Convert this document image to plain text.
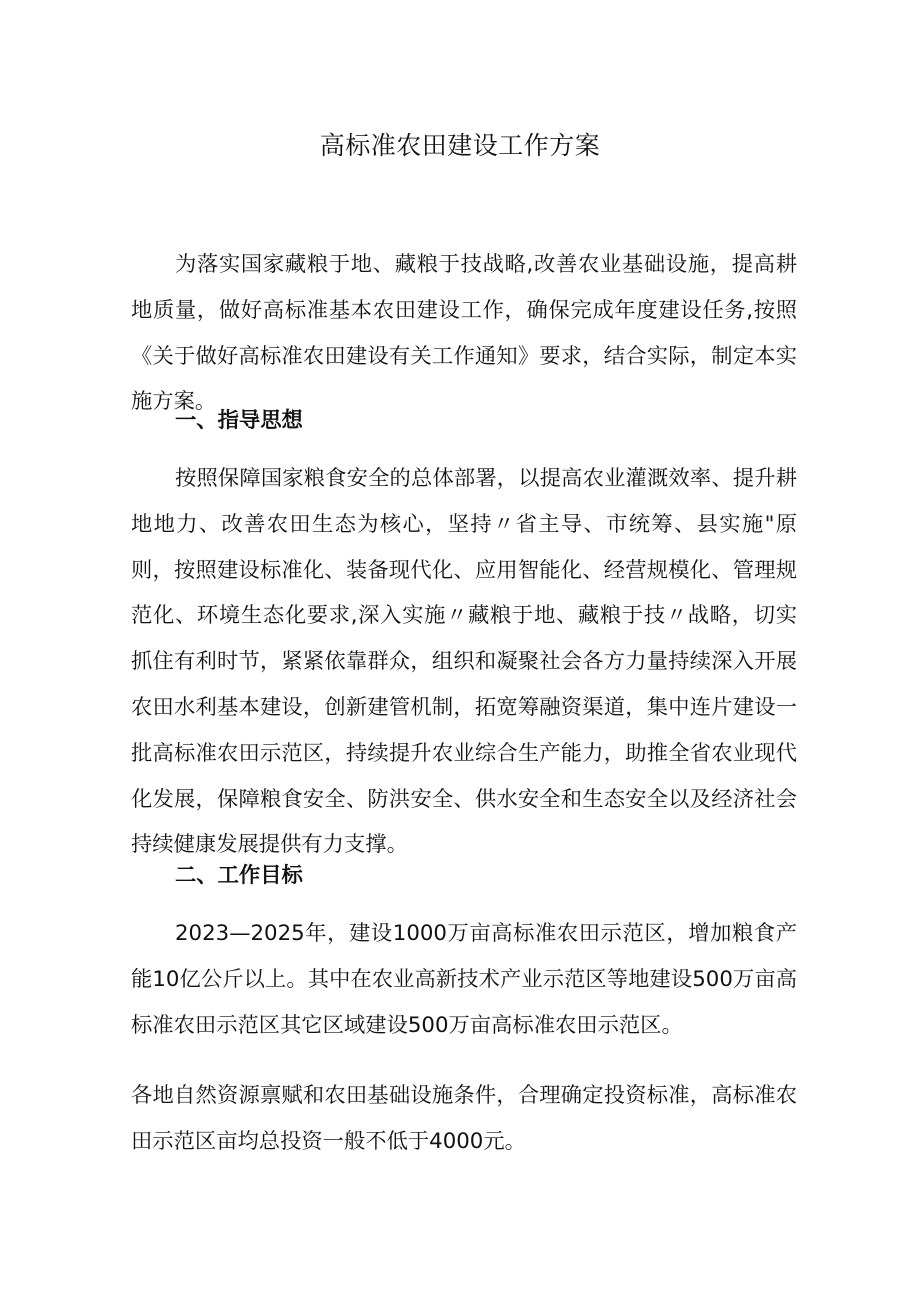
高标准农田建设工作方案

为落实国家藏粮于地、藏粮于技战略,改善农业基础设施，提高耕地质量，做好高标准基本农田建设工作，确保完成年度建设任务,按照《关于做好高标准农田建设有关工作通知》要求，结合实际，制定本实施方案。

一、指导思想

按照保障国家粮食安全的总体部署，以提高农业灌溉效率、提升耕地地力、改善农田生态为核心，坚持〃省主导、市统筹、县实施"原则，按照建设标准化、装备现代化、应用智能化、经营规模化、管理规范化、环境生态化要求,深入实施〃藏粮于地、藏粮于技〃战略，切实抓住有利时节，紧紧依靠群众，组织和凝聚社会各方力量持续深入开展农田水利基本建设，创新建管机制，拓宽筹融资渠道，集中连片建设一批高标准农田示范区，持续提升农业综合生产能力，助推全省农业现代化发展，保障粮食安全、防洪安全、供水安全和生态安全以及经济社会持续健康发展提供有力支撑。

二、工作目标

2023—2025年，建设1000万亩高标准农田示范区，增加粮食产能10亿公斤以上。其中在农业高新技术产业示范区等地建设500万亩高标准农田示范区其它区域建设500万亩高标准农田示范区。

各地自然资源禀赋和农田基础设施条件，合理确定投资标准，高标准农田示范区亩均总投资一般不低于4000元。
